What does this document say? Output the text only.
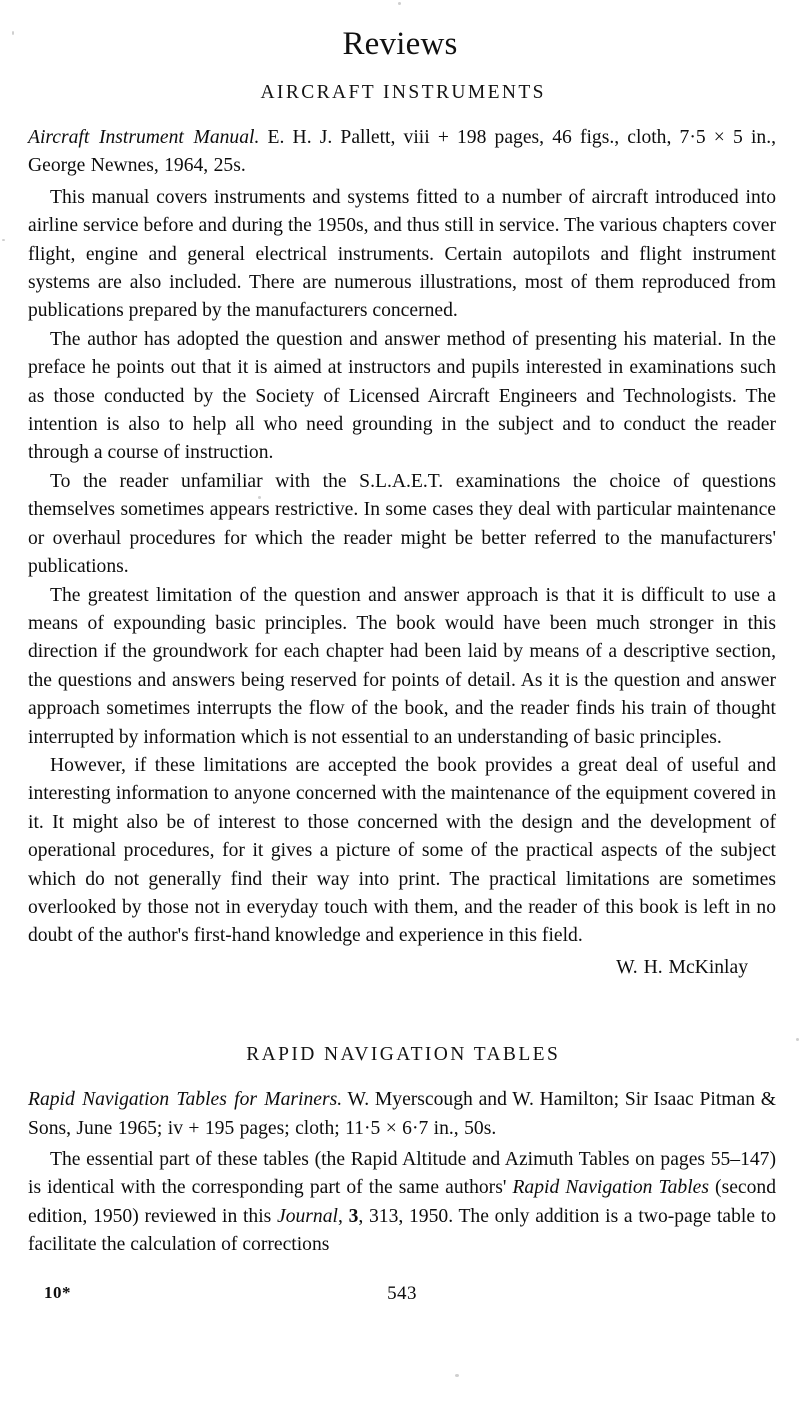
Reviews
AIRCRAFT INSTRUMENTS
Aircraft Instrument Manual. E. H. J. Pallett, viii + 198 pages, 46 figs., cloth, 7·5 × 5 in., George Newnes, 1964, 25s.

This manual covers instruments and systems fitted to a number of aircraft introduced into airline service before and during the 1950s, and thus still in service. The various chapters cover flight, engine and general electrical instruments. Certain autopilots and flight instrument systems are also included. There are numerous illustrations, most of them reproduced from publications prepared by the manufacturers concerned.

The author has adopted the question and answer method of presenting his material. In the preface he points out that it is aimed at instructors and pupils interested in examinations such as those conducted by the Society of Licensed Aircraft Engineers and Technologists. The intention is also to help all who need grounding in the subject and to conduct the reader through a course of instruction.

To the reader unfamiliar with the S.L.A.E.T. examinations the choice of questions themselves sometimes appears restrictive. In some cases they deal with particular maintenance or overhaul procedures for which the reader might be better referred to the manufacturers' publications.

The greatest limitation of the question and answer approach is that it is difficult to use a means of expounding basic principles. The book would have been much stronger in this direction if the groundwork for each chapter had been laid by means of a descriptive section, the questions and answers being reserved for points of detail. As it is the question and answer approach sometimes interrupts the flow of the book, and the reader finds his train of thought interrupted by information which is not essential to an understanding of basic principles.

However, if these limitations are accepted the book provides a great deal of useful and interesting information to anyone concerned with the maintenance of the equipment covered in it. It might also be of interest to those concerned with the design and the development of operational procedures, for it gives a picture of some of the practical aspects of the subject which do not generally find their way into print. The practical limitations are sometimes overlooked by those not in everyday touch with them, and the reader of this book is left in no doubt of the author's first-hand knowledge and experience in this field.

W. H. McKinlay
RAPID NAVIGATION TABLES
Rapid Navigation Tables for Mariners. W. Myerscough and W. Hamilton; Sir Isaac Pitman & Sons, June 1965; iv + 195 pages; cloth; 11·5 × 6·7 in., 50s.

The essential part of these tables (the Rapid Altitude and Azimuth Tables on pages 55–147) is identical with the corresponding part of the same authors' Rapid Navigation Tables (second edition, 1950) reviewed in this Journal, 3, 313, 1950. The only addition is a two-page table to facilitate the calculation of corrections

10*	543
